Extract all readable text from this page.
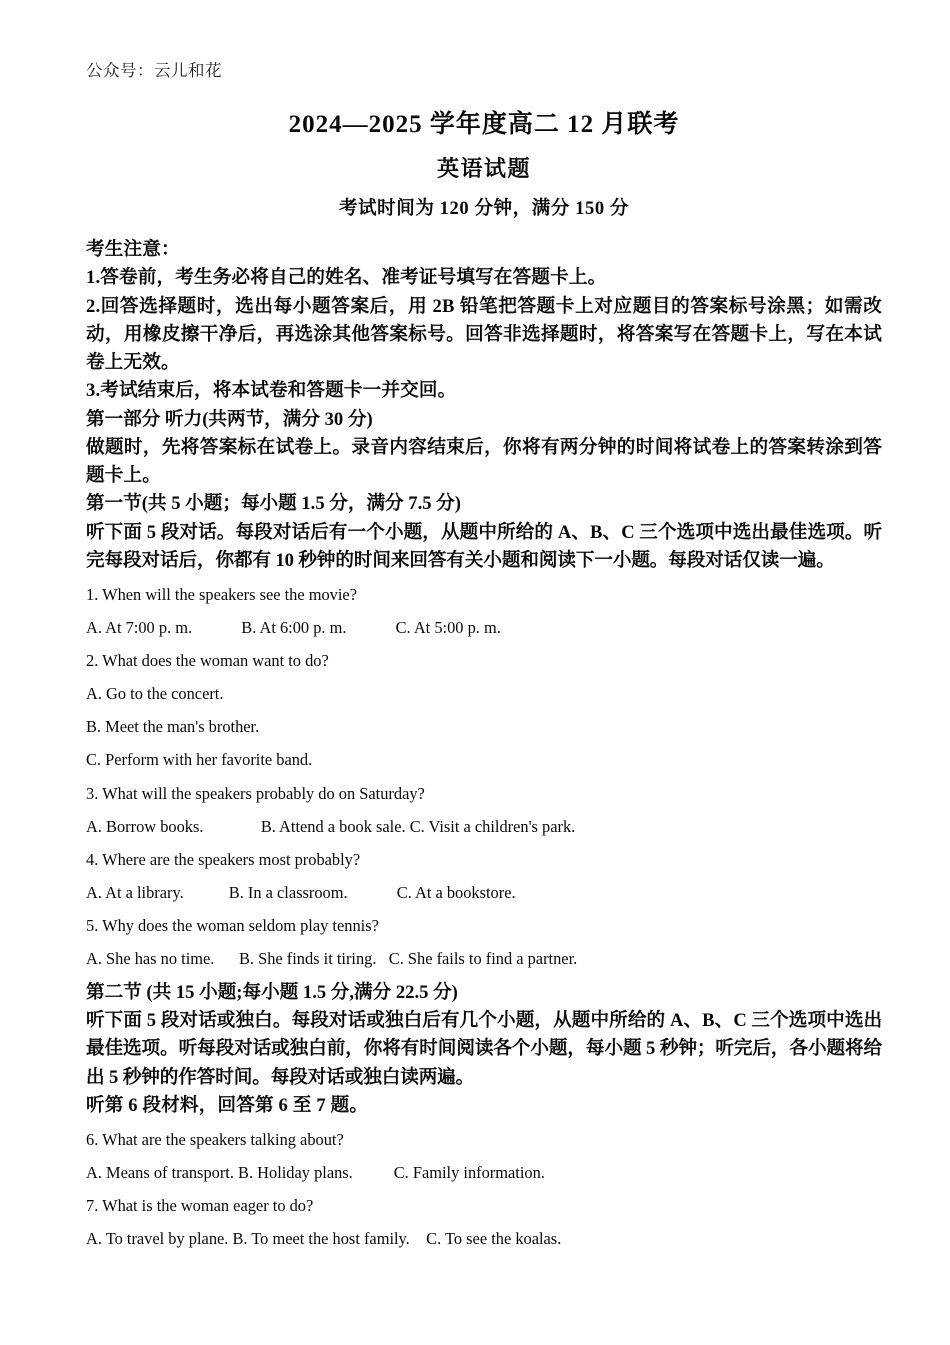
公众号：云儿和花
2024—2025 学年度高二 12 月联考
英语试题
考试时间为 120 分钟，满分 150 分
考生注意：
1.答卷前，考生务必将自己的姓名、准考证号填写在答题卡上。
2.回答选择题时，选出每小题答案后，用 2B 铅笔把答题卡上对应题目的答案标号涂黑；如需改动，用橡皮擦干净后，再选涂其他答案标号。回答非选择题时，将答案写在答题卡上，写在本试卷上无效。
3.考试结束后，将本试卷和答题卡一并交回。
第一部分 听力(共两节，满分 30 分)
做题时，先将答案标在试卷上。录音内容结束后，你将有两分钟的时间将试卷上的答案转涂到答题卡上。
第一节(共 5 小题；每小题 1.5 分，满分 7.5 分)
听下面 5 段对话。每段对话后有一个小题，从题中所给的 A、B、C 三个选项中选出最佳选项。听完每段对话后，你都有 10 秒钟的时间来回答有关小题和阅读下一小题。每段对话仅读一遍。
1. When will the speakers see the movie?
A. At 7:00 p. m.            B. At 6:00 p. m.            C. At 5:00 p. m.
2. What does the woman want to do?
A. Go to the concert.
B. Meet the man's brother.
C. Perform with her favorite band.
3. What will the speakers probably do on Saturday?
A. Borrow books.              B. Attend a book sale. C. Visit a children's park.
4. Where are the speakers most probably?
A. At a library.           B. In a classroom.            C. At a bookstore.
5. Why does the woman seldom play tennis?
A. She has no time.      B. She finds it tiring.   C. She fails to find a partner.
第二节 (共 15 小题;每小题 1.5 分,满分 22.5 分)
听下面 5 段对话或独白。每段对话或独白后有几个小题，从题中所给的 A、B、C 三个选项中选出最佳选项。听每段对话或独白前，你将有时间阅读各个小题，每小题 5 秒钟；听完后，各小题将给出 5 秒钟的作答时间。每段对话或独白读两遍。
听第 6 段材料，回答第 6 至 7 题。
6. What are the speakers talking about?
A. Means of transport. B. Holiday plans.          C. Family information.
7. What is the woman eager to do?
A. To travel by plane. B. To meet the host family.    C. To see the koalas.
